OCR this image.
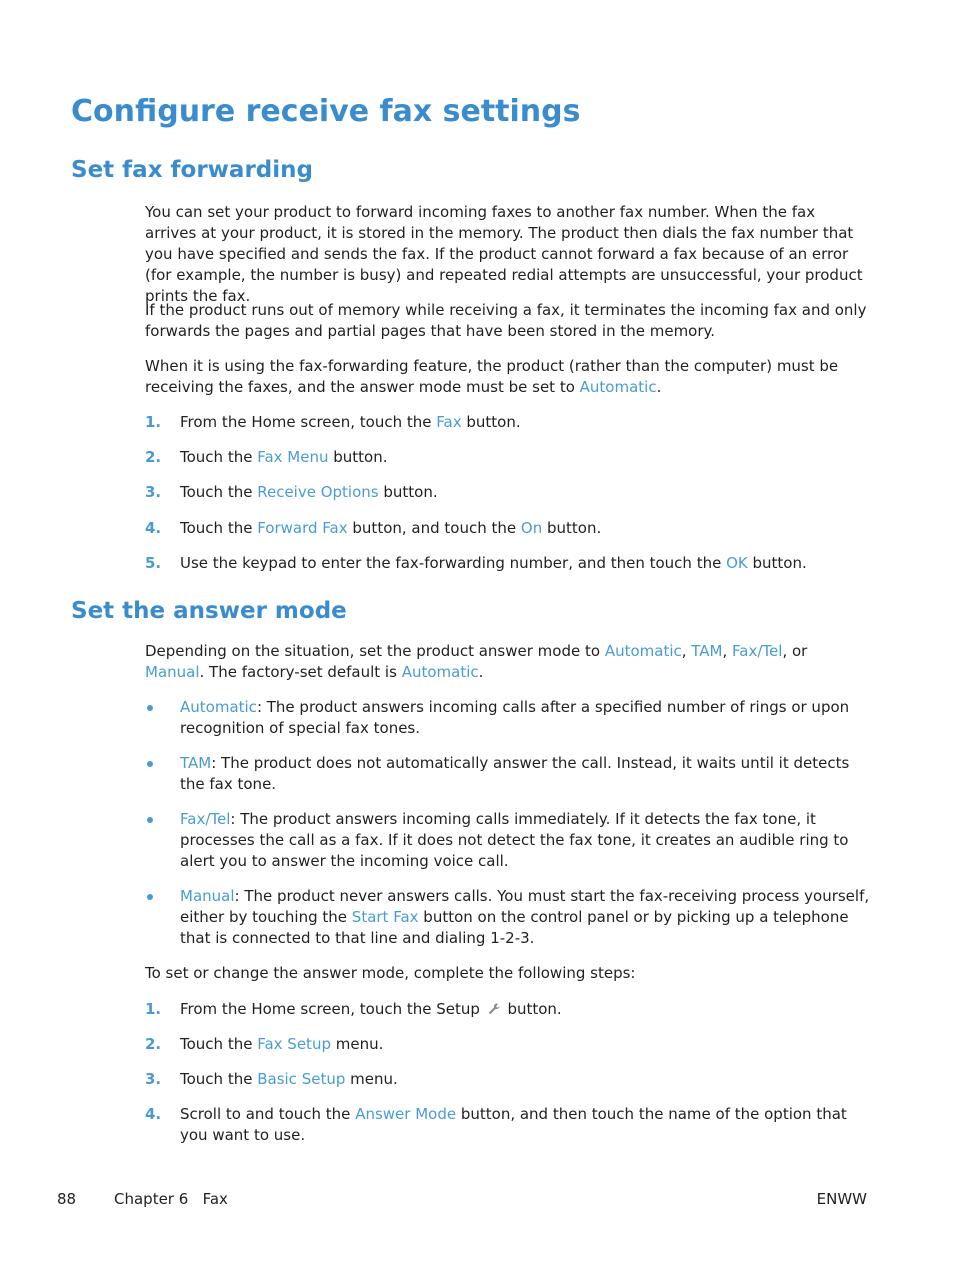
Configure receive fax settings
Set fax forwarding

You can set your product to forward incoming faxes to another fax number. When the fax arrives at your product, it is stored in the memory. The product then dials the fax number that you have specified and sends the fax. If the product cannot forward a fax because of an error (for example, the number is busy) and repeated redial attempts are unsuccessful, your product prints the fax.

If the product runs out of memory while receiving a fax, it terminates the incoming fax and only forwards the pages and partial pages that have been stored in the memory.

When it is using the fax-forwarding feature, the product (rather than the computer) must be receiving the faxes, and the answer mode must be set to Automatic.

1.	From the Home screen, touch the Fax button.

2.	Touch the Fax Menu button.

3.	Touch the Receive Options button.

4.	Touch the Forward Fax button, and touch the On button.

5.	Use the keypad to enter the fax-forwarding number, and then touch the OK button.

Set the answer mode

Depending on the situation, set the product answer mode to Automatic, TAM, Fax/Tel, or Manual. The factory-set default is Automatic.

Automatic: The product answers incoming calls after a specified number of rings or upon recognition of special fax tones.

TAM: The product does not automatically answer the call. Instead, it waits until it detects the fax tone.

Fax/Tel: The product answers incoming calls immediately. If it detects the fax tone, it processes the call as a fax. If it does not detect the fax tone, it creates an audible ring to alert you to answer the incoming voice call.

Manual: The product never answers calls. You must start the fax-receiving process yourself, either by touching the Start Fax button on the control panel or by picking up a telephone that is connected to that line and dialing 1-2-3.

To set or change the answer mode, complete the following steps:

1.	From the Home screen, touch the Setup  button.

2.	Touch the Fax Setup menu.

3.	Touch the Basic Setup menu.

4.	Scroll to and touch the Answer Mode button, and then touch the name of the option that you want to use.

88	Chapter 6   Fax	ENWW
